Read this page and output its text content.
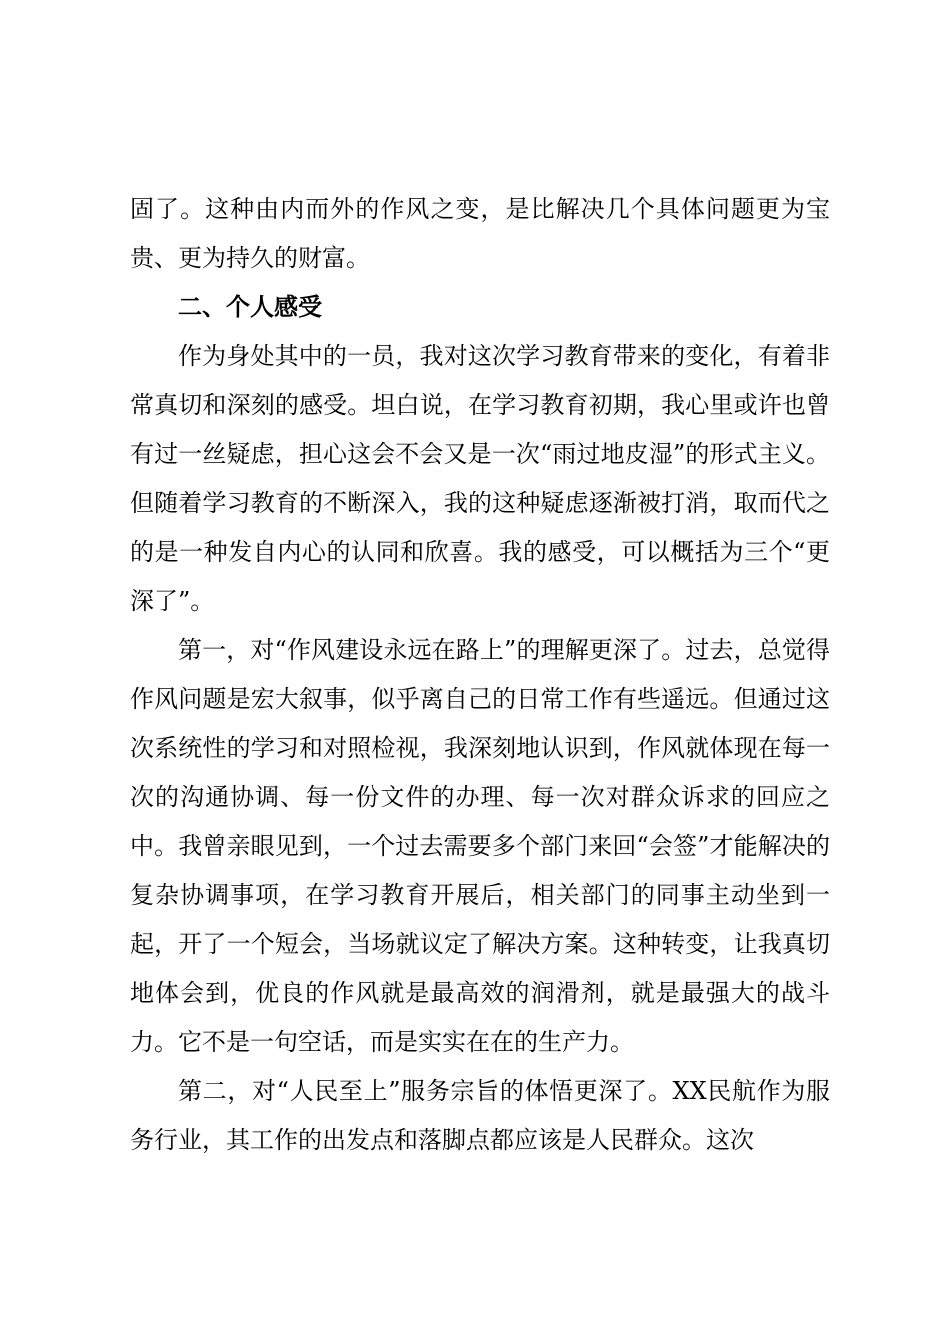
固了。这种由内而外的作风之变，是比解决几个具体问题更为宝贵、更为持久的财富。

二、个人感受

作为身处其中的一员，我对这次学习教育带来的变化，有着非常真切和深刻的感受。坦白说，在学习教育初期，我心里或许也曾有过一丝疑虑，担心这会不会又是一次“雨过地皮湿”的形式主义。但随着学习教育的不断深入，我的这种疑虑逐渐被打消，取而代之的是一种发自内心的认同和欣喜。我的感受，可以概括为三个“更深了”。

第一，对“作风建设永远在路上”的理解更深了。过去，总觉得作风问题是宏大叙事，似乎离自己的日常工作有些遥远。但通过这次系统性的学习和对照检视，我深刻地认识到，作风就体现在每一次的沟通协调、每一份文件的办理、每一次对群众诉求的回应之中。我曾亲眼见到，一个过去需要多个部门来回“会签”才能解决的复杂协调事项，在学习教育开展后，相关部门的同事主动坐到一起，开了一个短会，当场就议定了解决方案。这种转变，让我真切地体会到，优良的作风就是最高效的润滑剂，就是最强大的战斗力。它不是一句空话，而是实实在在的生产力。

第二，对“人民至上”服务宗旨的体悟更深了。XX民航作为服务行业，其工作的出发点和落脚点都应该是人民群众。这次
